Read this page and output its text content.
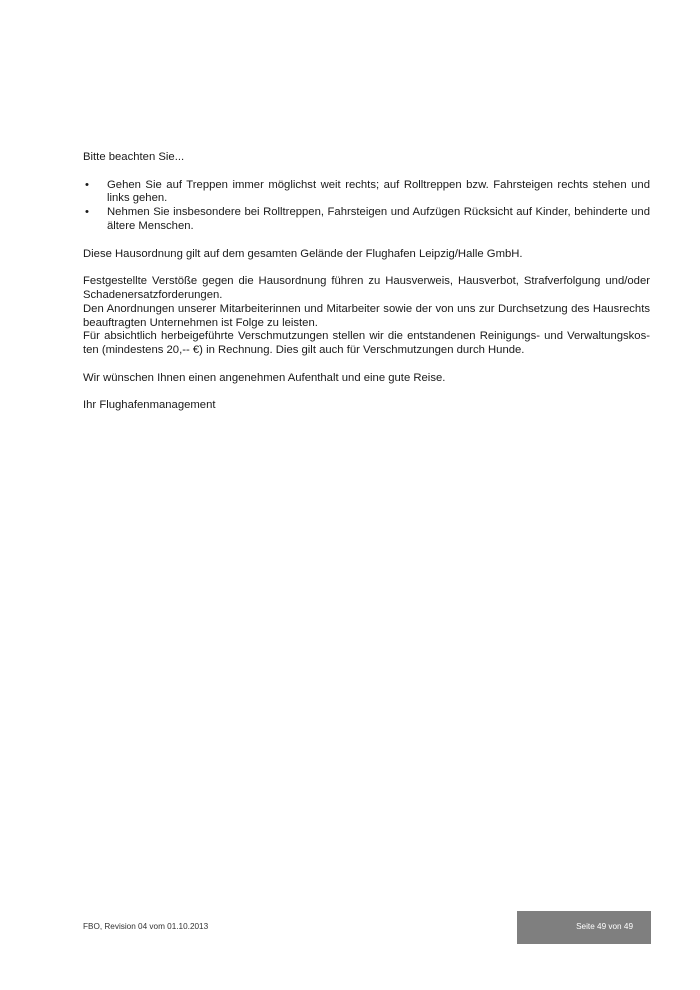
Bitte beachten Sie...

• Gehen Sie auf Treppen immer möglichst weit rechts; auf Rolltreppen bzw. Fahrsteigen rechts stehen und links gehen.
• Nehmen Sie insbesondere bei Rolltreppen, Fahrsteigen und Aufzügen Rücksicht auf Kinder, behinderte und ältere Menschen.

Diese Hausordnung gilt auf dem gesamten Gelände der Flughafen Leipzig/Halle GmbH.

Festgestellte Verstöße gegen die Hausordnung führen zu Hausverweis, Hausverbot, Strafverfolgung und/oder Schadenersatzforderungen.

Den Anordnungen unserer Mitarbeiterinnen und Mitarbeiter sowie der von uns zur Durchsetzung des Hausrechts beauftragten Unternehmen ist Folge zu leisten.

Für absichtlich herbeigeführte Verschmutzungen stellen wir die entstandenen Reinigungs- und Verwaltungskos-ten (mindestens 20,-- €) in Rechnung. Dies gilt auch für Verschmutzungen durch Hunde.

Wir wünschen Ihnen einen angenehmen Aufenthalt und eine gute Reise.

Ihr Flughafenmanagement

FBO, Revision 04 vom 01.10.2013	Seite 49 von 49
